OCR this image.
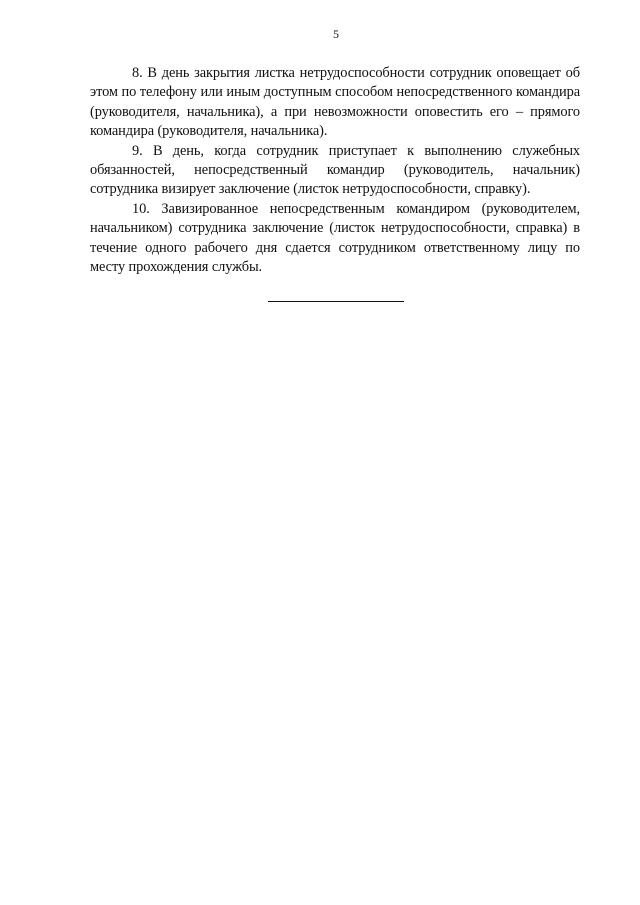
5

8. В день закрытия листка нетрудоспособности сотрудник оповещает об этом по телефону или иным доступным способом непосредственного командира (руководителя, начальника), а при невозможности оповестить его – прямого командира (руководителя, начальника).

9. В день, когда сотрудник приступает к выполнению служебных обязанностей, непосредственный командир (руководитель, начальник) сотрудника визирует заключение (листок нетрудоспособности, справку).

10. Завизированное непосредственным командиром (руководителем, начальником) сотрудника заключение (листок нетрудоспособности, справка) в течение одного рабочего дня сдается сотрудником ответственному лицу по месту прохождения службы.
